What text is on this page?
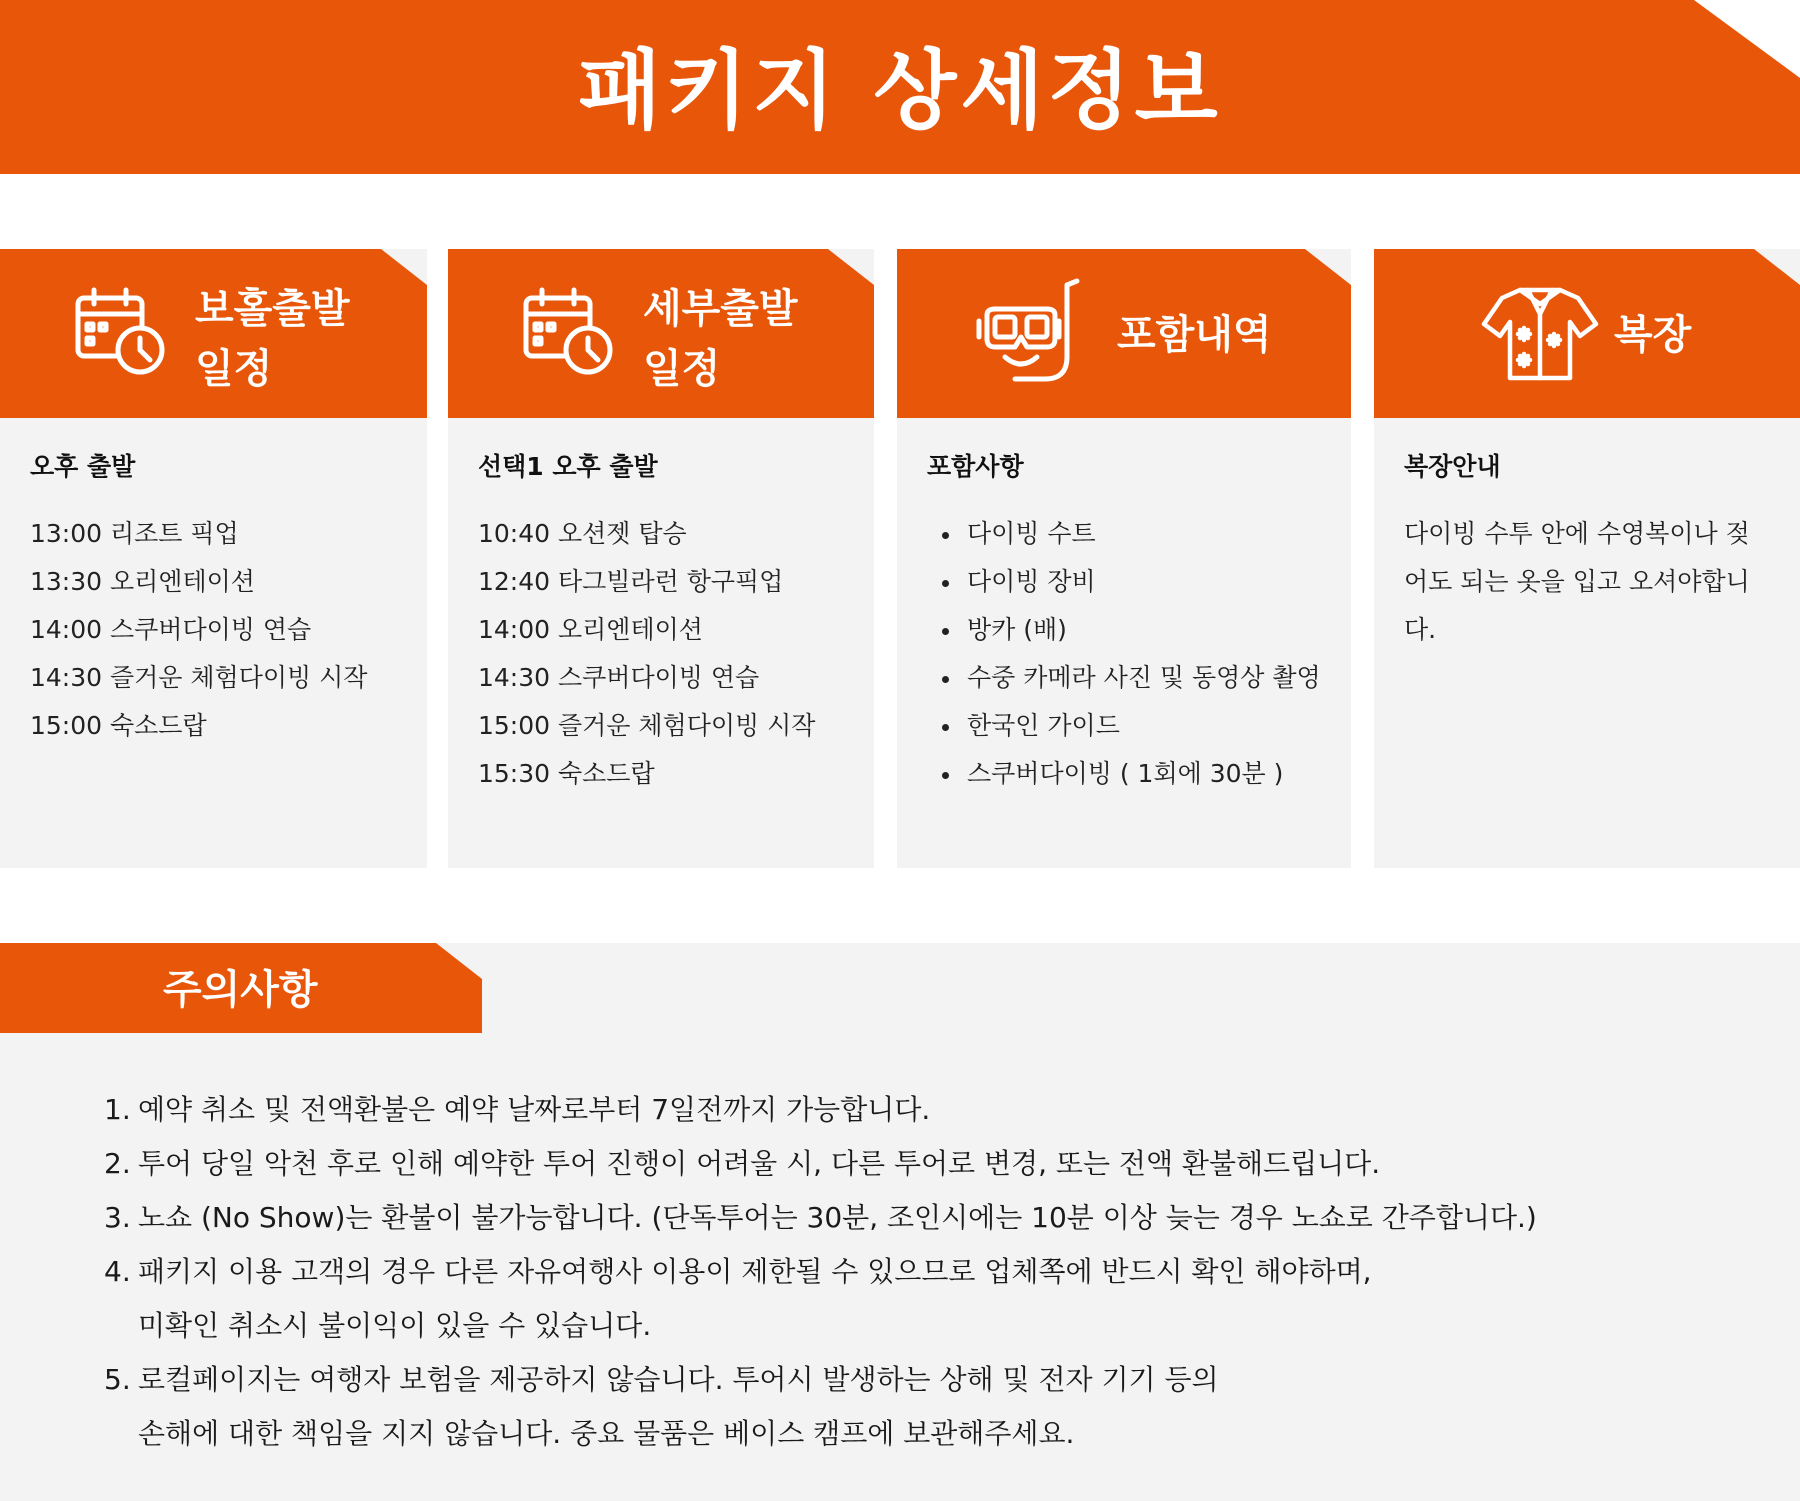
패키지 상세정보
보홀출발
일정
오후 출발
13:00 리조트 픽업
13:30 오리엔테이션
14:00 스쿠버다이빙 연습
14:30 즐거운 체험다이빙 시작
15:00 숙소드랍
세부출발
일정
선택1 오후 출발
10:40 오션젯 탑승
12:40 타그빌라런 항구픽업
14:00 오리엔테이션
14:30 스쿠버다이빙 연습
15:00 즐거운 체험다이빙 시작
15:30 숙소드랍
포함내역
포함사항
다이빙 수트
다이빙 장비
방카 (배)
수중 카메라 사진 및 동영상 촬영
한국인 가이드
스쿠버다이빙 ( 1회에 30분 )
복장
복장안내
다이빙 수투 안에 수영복이나 젖
어도 되는 옷을 입고 오셔야합니
다.
주의사항
1. 예약 취소 및 전액환불은 예약 날짜로부터 7일전까지 가능합니다.
2. 투어 당일 악천 후로 인해 예약한 투어 진행이 어려울 시, 다른 투어로 변경, 또는 전액 환불해드립니다.
3. 노쇼 (No Show)는 환불이 불가능합니다. (단독투어는 30분, 조인시에는 10분 이상 늦는 경우 노쇼로 간주합니다.)
4. 패키지 이용 고객의 경우 다른 자유여행사 이용이 제한될 수 있으므로 업체쪽에 반드시 확인 해야하며,
미확인 취소시 불이익이 있을 수 있습니다.
5. 로컬페이지는 여행자 보험을 제공하지 않습니다. 투어시 발생하는 상해 및 전자 기기 등의
손해에 대한 책임을 지지 않습니다. 중요 물품은 베이스 캠프에 보관해주세요.
